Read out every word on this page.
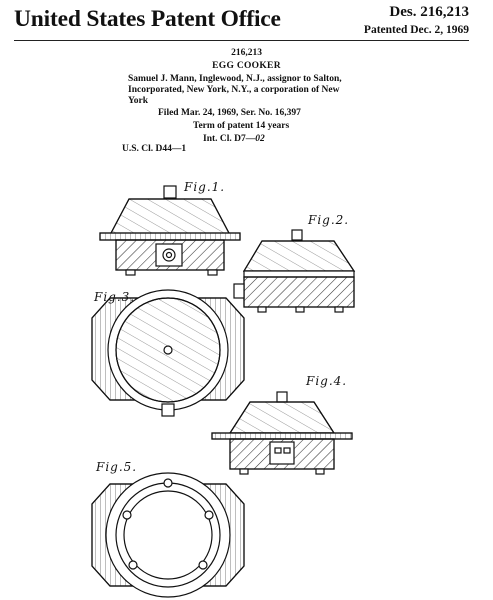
United States Patent Office	Des. 216,213
Patented Dec. 2, 1969
216,213
EGG COOKER
Samuel J. Mann, Inglewood, N.J., assignor to Salton,
Incorporated, New York, N.Y., a corporation of New
York
Filed Mar. 24, 1969, Ser. No. 16,397
Term of patent 14 years
Int. Cl. D7—02
U.S. Cl. D44—1
Fig.1.
Fig.2.
Fig.3.
Fig.4.
Fig.5.
